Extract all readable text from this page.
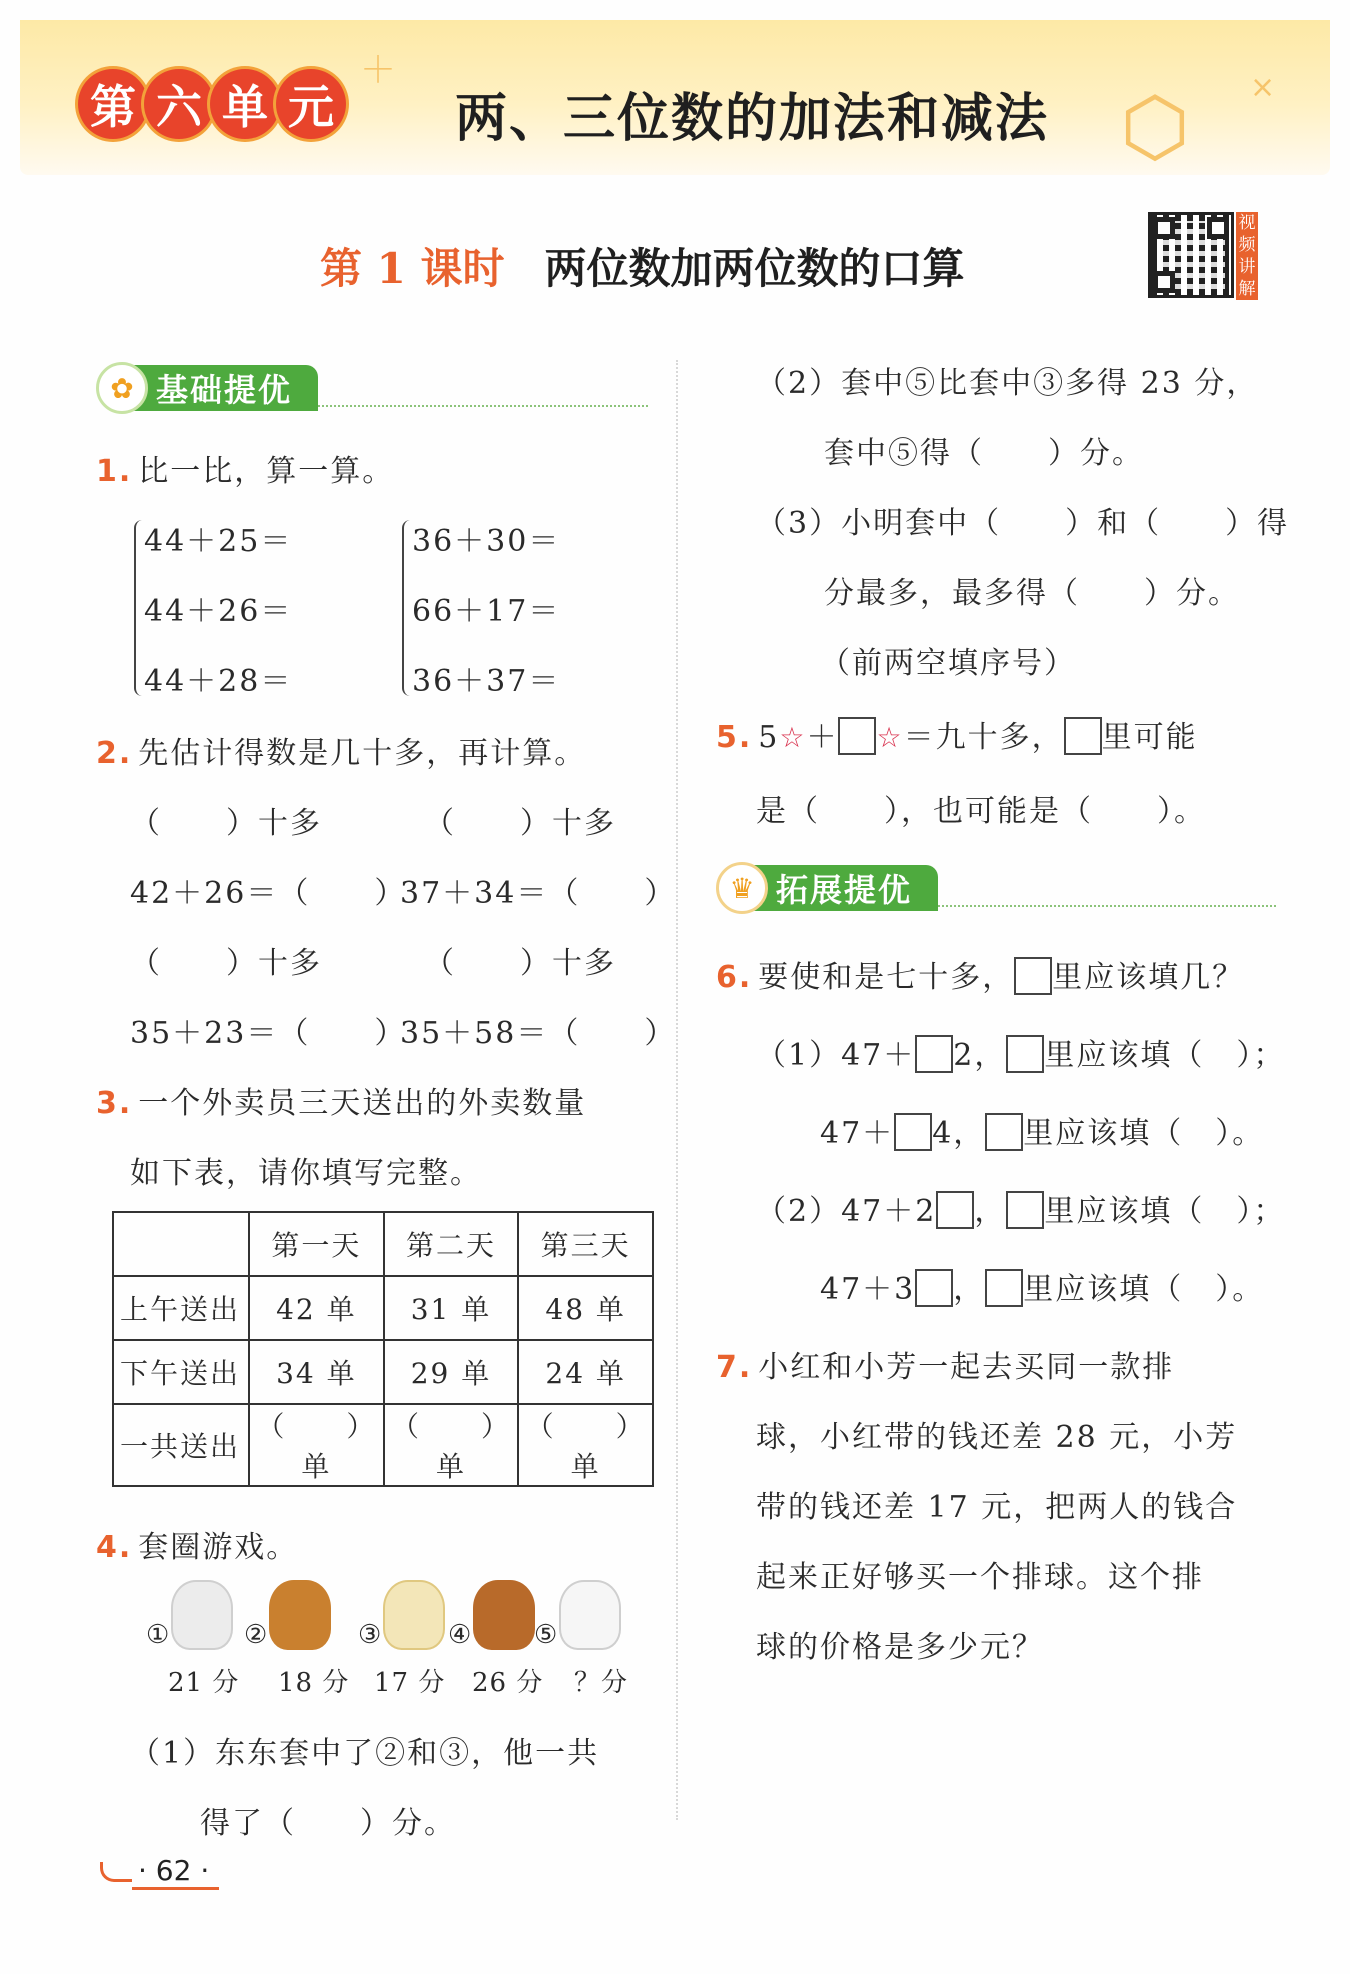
＋
⬡ ×
第 六 单 元 两、三位数的加法和减法
第 1 课时 两位数加两位数的口算
视频讲解
✿ 基础提优
1. 比一比，算一算。
44＋25＝
44＋26＝
44＋28＝
36＋30＝
66＋17＝
36＋37＝
2. 先估计得数是几十多，再计算。
（　　）十多	（　　）十多
42＋26＝（　　）
37＋34＝（　　）
（　　）十多	（　　）十多
35＋23＝（　　）
35＋58＝（　　）
3. 一个外卖员三天送出的外卖数量
如下表，请你填写完整。
	第一天	第二天	第三天
上午送出	42 单	31 单	48 单
下午送出	34 单	29 单	24 单
一共送出	（　　）单	（　　）单	（　　）单
4. 套圈游戏。
①	②	③	④ ⑤
21 分 18 分 17 分 26 分 ？分
（1）东东套中了②和③，他一共
得了（　　）分。
（2）套中⑤比套中③多得 23 分，
套中⑤得（　　）分。
（3）小明套中（　　）和（　　）得
分最多，最多得（　　）分。
（前两空填序号）
5. 5☆＋ ☆＝九十多， 里可能
是（　　），也可能是（　　）。
♛ 拓展提优
6. 要使和是七十多， 里应该填几？
（1）47＋ 2， 里应该填（　）；
47＋ 4， 里应该填（　）。
（2）47＋2 ， 里应该填（　）；
47＋3 ， 里应该填（　）。
7. 小红和小芳一起去买同一款排
球，小红带的钱还差 28 元，小芳
带的钱还差 17 元，把两人的钱合
起来正好够买一个排球。这个排
球的价格是多少元？
· 62 ·
